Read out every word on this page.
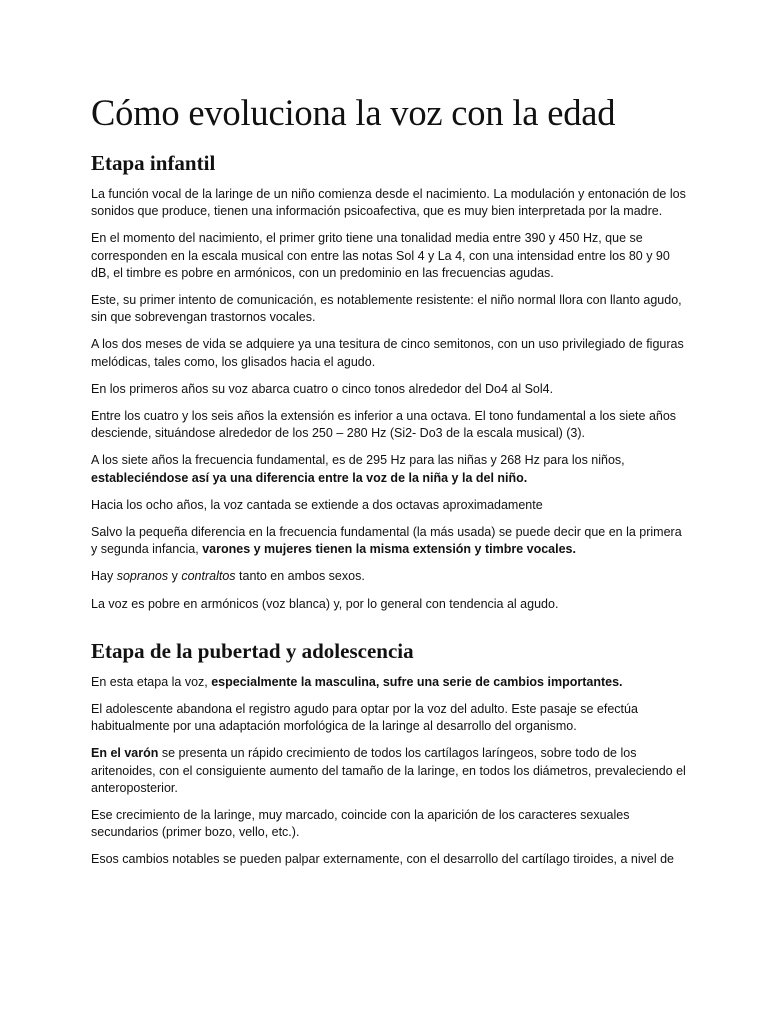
Cómo evoluciona la voz con la edad
Etapa infantil

La función vocal de la laringe de un niño comienza desde el nacimiento. La modulación y entonación de los sonidos que produce, tienen una información psicoafectiva, que es muy bien interpretada por la madre.

En el momento del nacimiento, el primer grito tiene una tonalidad media entre 390 y 450 Hz, que se corresponden en la escala musical con entre las notas Sol 4 y La 4, con una intensidad entre los 80 y 90 dB, el timbre es pobre en armónicos, con un predominio en las frecuencias agudas.

Este, su primer intento de comunicación, es notablemente resistente: el niño normal llora con llanto agudo, sin que sobrevengan trastornos vocales.

A los dos meses de vida se adquiere ya una tesitura de cinco semitonos, con un uso privilegiado de figuras melódicas, tales como, los glisados hacia el agudo.

En los primeros años su voz abarca cuatro o cinco tonos alrededor del Do4 al Sol4.

Entre los cuatro y los seis años la extensión es inferior a una octava. El tono fundamental a los siete años desciende, situándose alrededor de los 250 – 280 Hz (Si2- Do3 de la escala musical) (3).

A los siete años la frecuencia fundamental, es de 295 Hz para las niñas y 268 Hz para los niños, estableciéndose así ya una diferencia entre la voz de la niña y la del niño.

Hacia los ocho años, la voz cantada se extiende a dos octavas aproximadamente

Salvo la pequeña diferencia en la frecuencia fundamental (la más usada) se puede decir que en la primera y segunda infancia, varones y mujeres tienen la misma extensión y timbre vocales.

Hay sopranos y contraltos tanto en ambos sexos.

La voz es pobre en armónicos (voz blanca) y, por lo general con tendencia al agudo.

Etapa de la pubertad y adolescencia

En esta etapa la voz, especialmente la masculina, sufre una serie de cambios importantes.

El adolescente abandona el registro agudo para optar por la voz del adulto. Este pasaje se efectúa habitualmente por una adaptación morfológica de la laringe al desarrollo del organismo.

En el varón se presenta un rápido crecimiento de todos los cartílagos laríngeos, sobre todo de los aritenoides, con el consiguiente aumento del tamaño de la laringe, en todos los diámetros, prevaleciendo el anteroposterior.

Ese crecimiento de la laringe, muy marcado, coincide con la aparición de los caracteres sexuales secundarios (primer bozo, vello, etc.).

Esos cambios notables se pueden palpar externamente, con el desarrollo del cartílago tiroides, a nivel de
